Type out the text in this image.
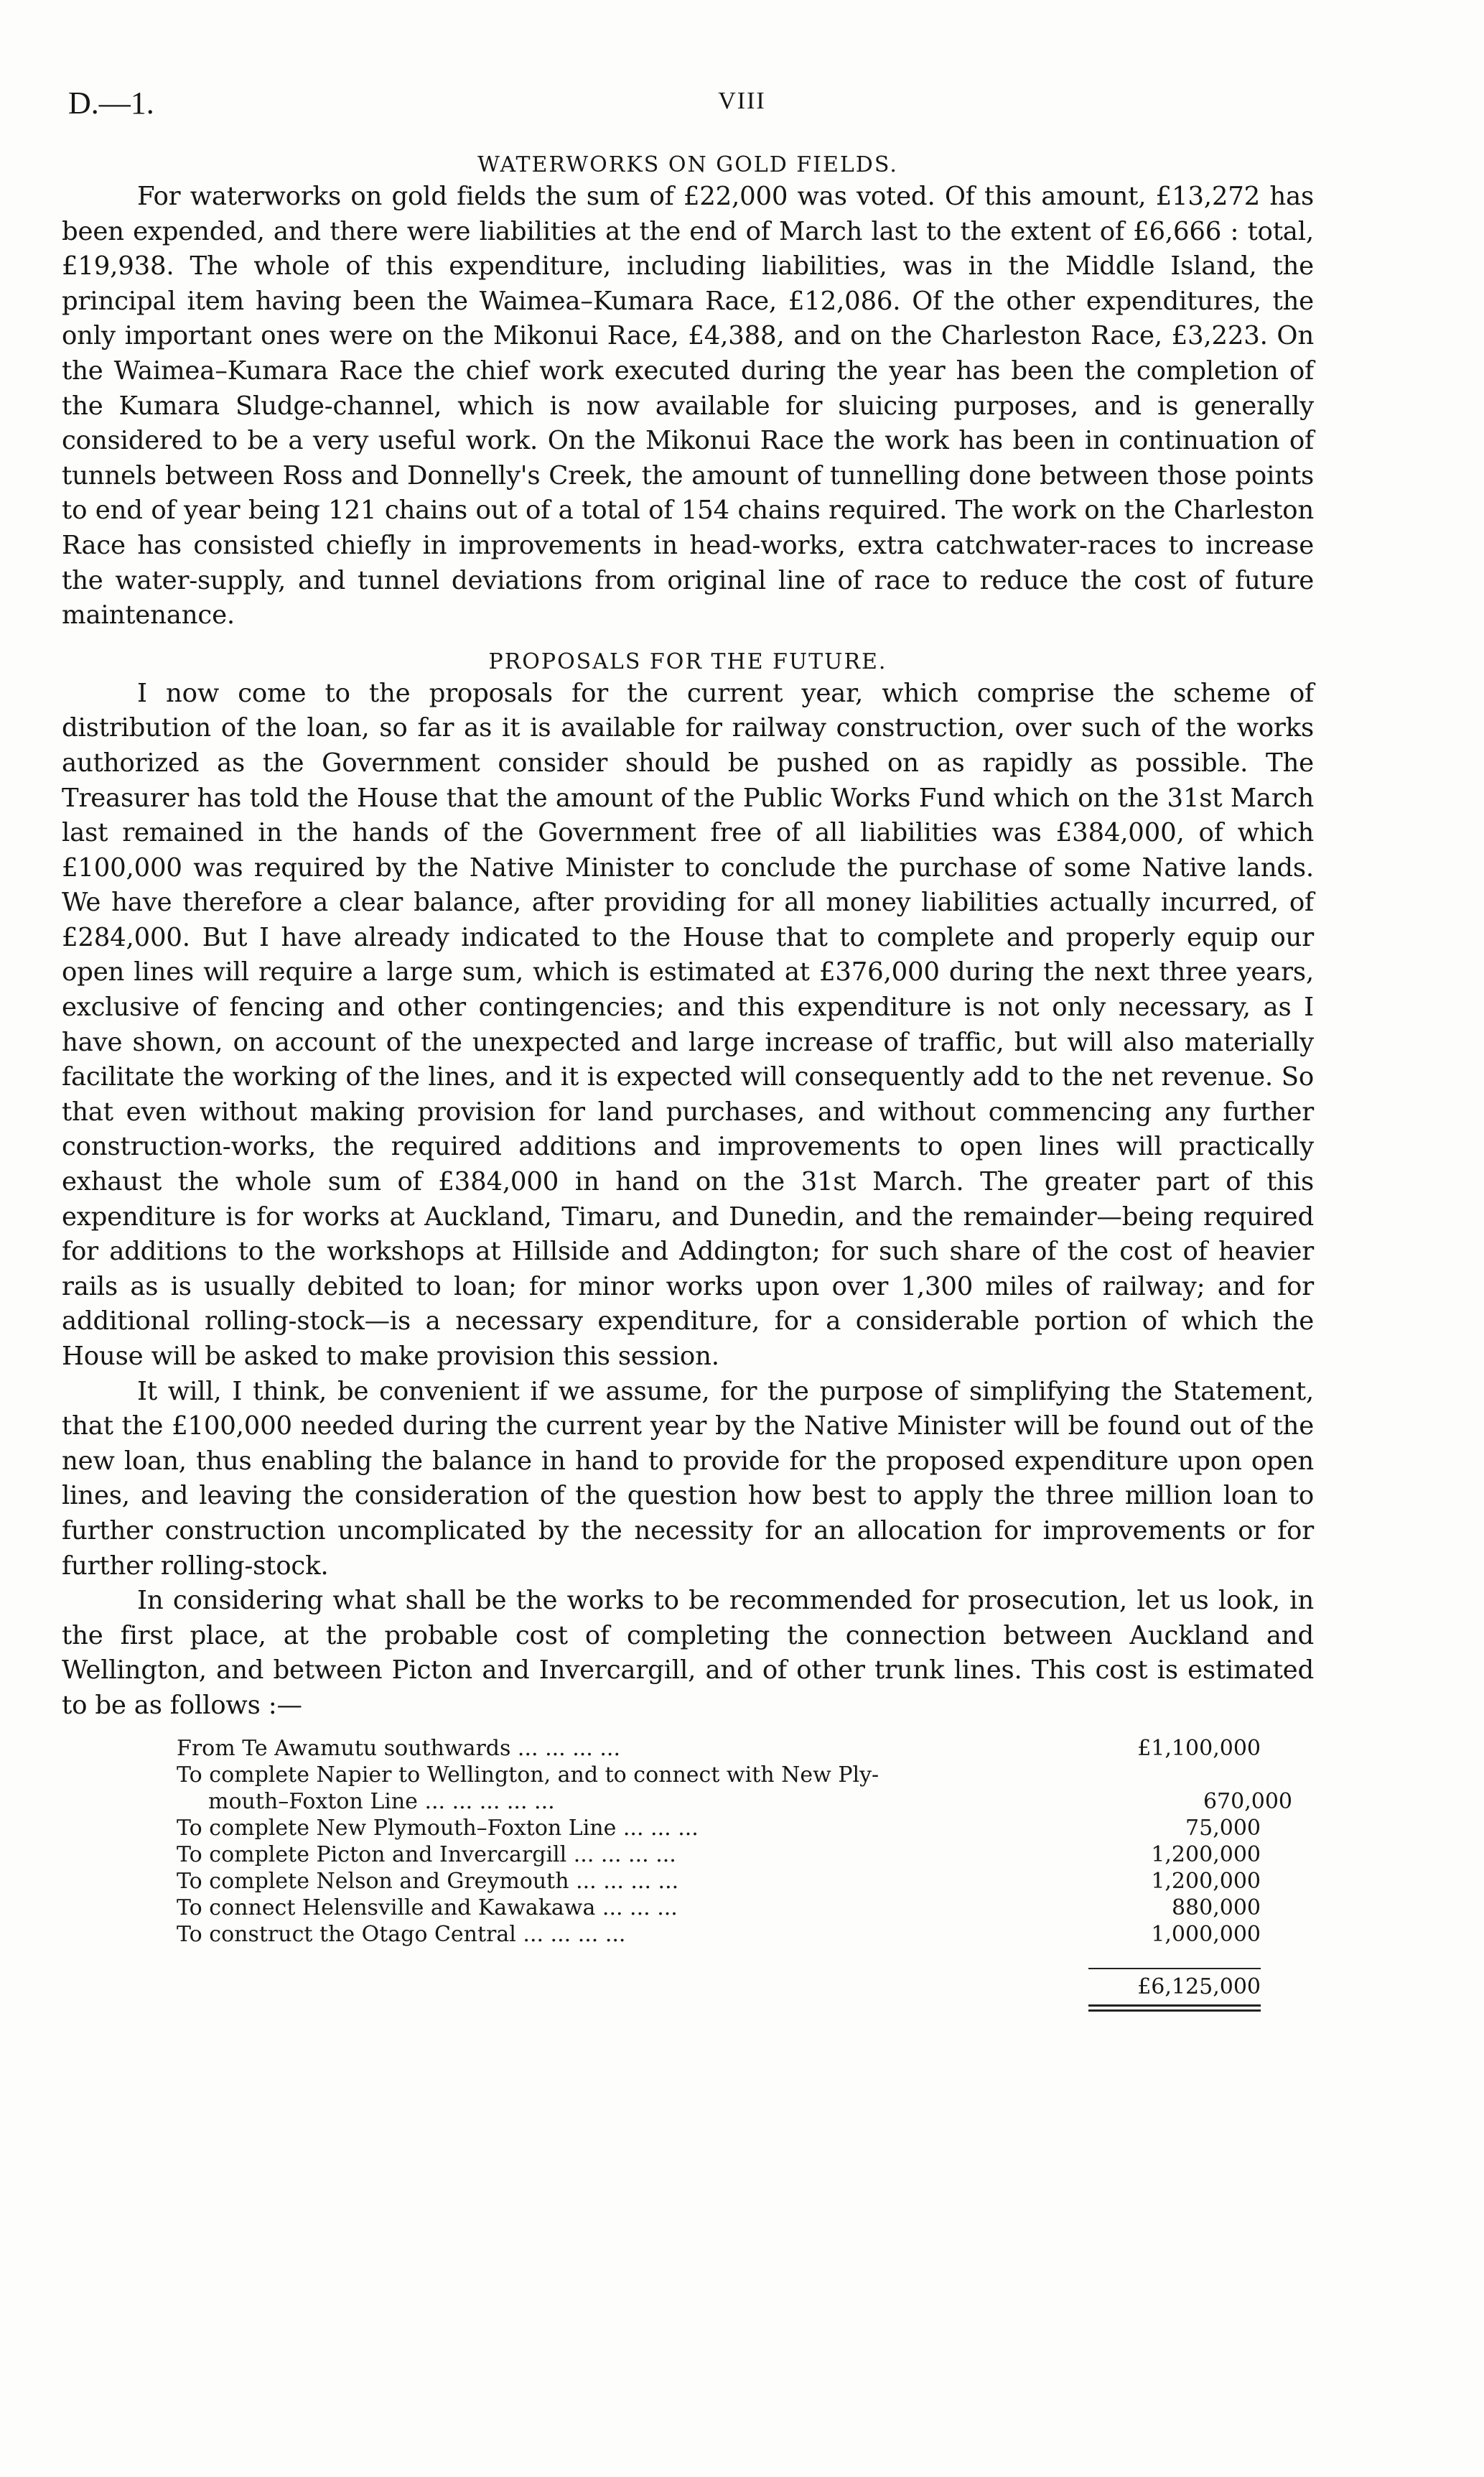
D.—1.	VIII
WATERWORKS ON GOLD FIELDS.

For waterworks on gold fields the sum of £22,000 was voted. Of this amount, £13,272 has been expended, and there were liabilities at the end of March last to the extent of £6,666 : total, £19,938. The whole of this expenditure, including liabilities, was in the Middle Island, the principal item having been the Waimea–Kumara Race, £12,086. Of the other expenditures, the only important ones were on the Mikonui Race, £4,388, and on the Charleston Race, £3,223. On the Waimea–Kumara Race the chief work executed during the year has been the completion of the Kumara Sludge-channel, which is now available for sluicing purposes, and is generally considered to be a very useful work. On the Mikonui Race the work has been in continuation of tunnels between Ross and Donnelly's Creek, the amount of tunnelling done between those points to end of year being 121 chains out of a total of 154 chains required. The work on the Charleston Race has consisted chiefly in improvements in head-works, extra catchwater-races to increase the water-supply, and tunnel deviations from original line of race to reduce the cost of future maintenance.

PROPOSALS FOR THE FUTURE.

I now come to the proposals for the current year, which comprise the scheme of distribution of the loan, so far as it is available for railway construction, over such of the works authorized as the Government consider should be pushed on as rapidly as possible. The Treasurer has told the House that the amount of the Public Works Fund which on the 31st March last remained in the hands of the Government free of all liabilities was £384,000, of which £100,000 was required by the Native Minister to conclude the purchase of some Native lands. We have therefore a clear balance, after providing for all money liabilities actually incurred, of £284,000. But I have already indicated to the House that to complete and properly equip our open lines will require a large sum, which is estimated at £376,000 during the next three years, exclusive of fencing and other contingencies; and this expenditure is not only necessary, as I have shown, on account of the unexpected and large increase of traffic, but will also materially facilitate the working of the lines, and it is expected will consequently add to the net revenue. So that even without making provision for land purchases, and without commencing any further construction-works, the required additions and improvements to open lines will practically exhaust the whole sum of £384,000 in hand on the 31st March. The greater part of this expenditure is for works at Auckland, Timaru, and Dunedin, and the remainder—being required for additions to the workshops at Hillside and Addington; for such share of the cost of heavier rails as is usually debited to loan; for minor works upon over 1,300 miles of railway; and for additional rolling-stock—is a necessary expenditure, for a considerable portion of which the House will be asked to make provision this session.

It will, I think, be convenient if we assume, for the purpose of simplifying the Statement, that the £100,000 needed during the current year by the Native Minister will be found out of the new loan, thus enabling the balance in hand to provide for the proposed expenditure upon open lines, and leaving the consideration of the question how best to apply the three million loan to further construction uncomplicated by the necessity for an allocation for improvements or for further rolling-stock.

In considering what shall be the works to be recommended for prosecution, let us look, in the first place, at the probable cost of completing the connection between Auckland and Wellington, and between Picton and Invercargill, and of other trunk lines. This cost is estimated to be as follows :—

From Te Awamutu southwards ... ... ... ...	£1,100,000
To complete Napier to Wellington, and to connect with New Ply-
mouth–Foxton Line ... ... ... ... ...	670,000
To complete New Plymouth–Foxton Line ... ... ...	75,000
To complete Picton and Invercargill ... ... ... ...	1,200,000
To complete Nelson and Greymouth ... ... ... ...	1,200,000
To connect Helensville and Kawakawa ... ... ...	880,000
To construct the Otago Central ... ... ... ...	1,000,000
£6,125,000
